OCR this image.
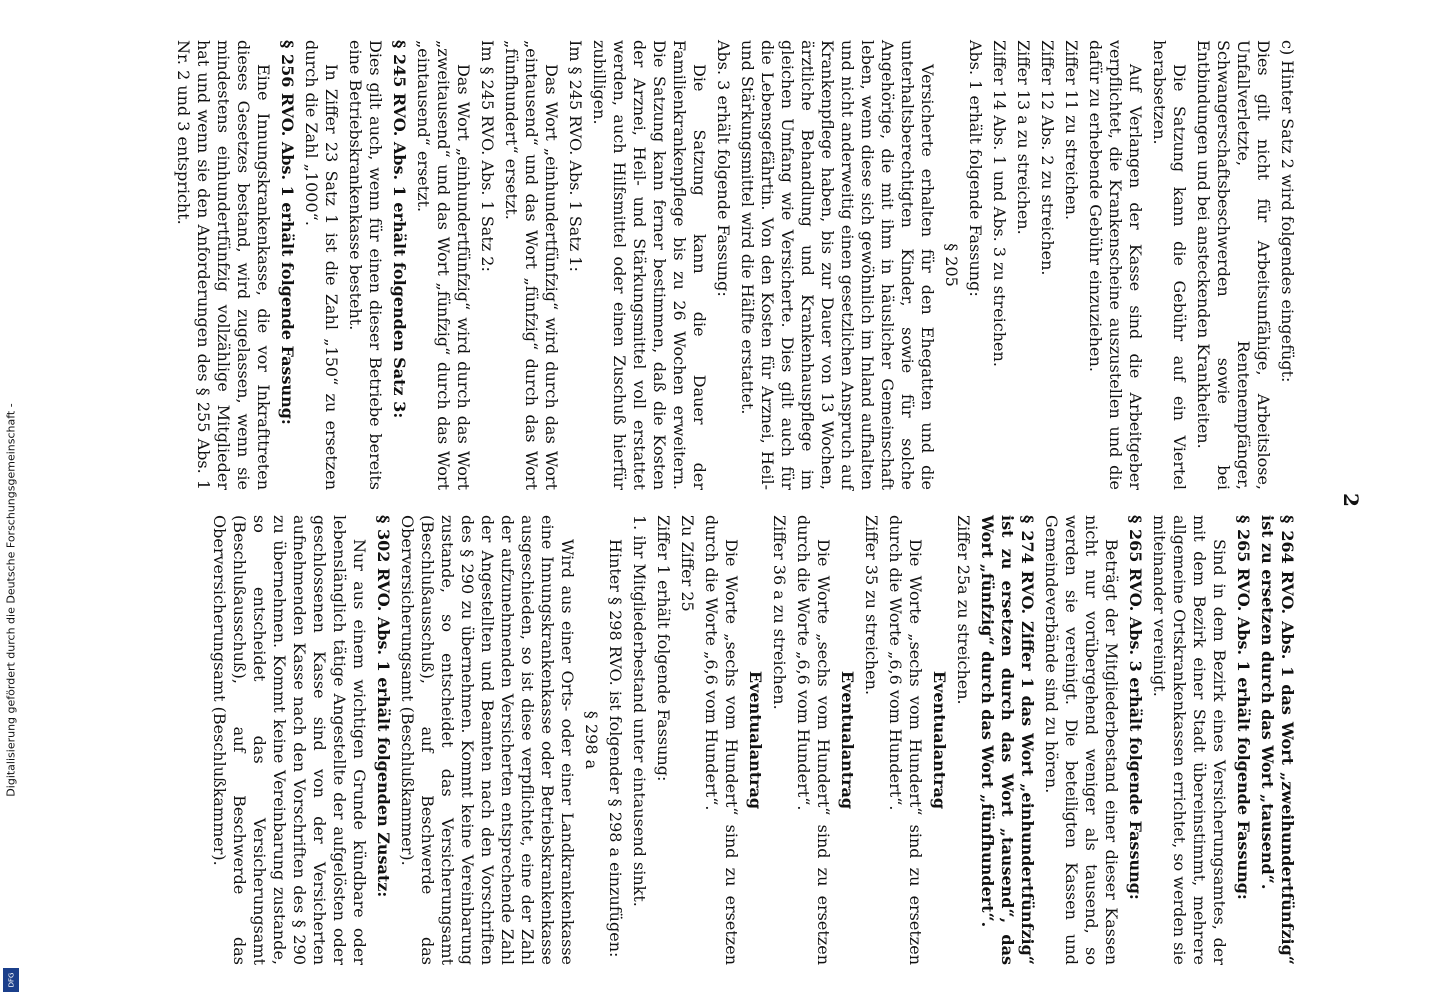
2

c) Hinter Satz 2 wird folgendes eingefügt:

Dies gilt nicht für Arbeitsunfähige, Arbeitslose, Unfallverletzte, Rentenempfänger, Schwangerschaftsbeschwerden sowie bei Entbindungen und bei ansteckenden Krankheiten.

Die Satzung kann die Gebühr auf ein Viertel herabsetzen.

Auf Verlangen der Kasse sind die Arbeitgeber verpflichtet, die Krankenscheine auszustellen und die dafür zu erhebende Gebühr einzuziehen.

Ziffer 11 zu streichen.

Ziffer 12 Abs. 2 zu streichen.

Ziffer 13 a zu streichen.

Ziffer 14 Abs. 1 und Abs. 3 zu streichen.

Abs. 1 erhält folgende Fassung:

§ 205

Versicherte erhalten für den Ehegatten und die unterhaltsberechtigten Kinder, sowie für solche Angehörige, die mit ihm in häuslicher Gemeinschaft leben, wenn diese sich gewöhnlich im Inland aufhalten und nicht anderweitig einen gesetzlichen Anspruch auf Krankenpflege haben, bis zur Dauer von 13 Wochen, ärztliche Behandlung und Krankenhauspflege im gleichen Umfang wie Versicherte. Dies gilt auch für die Lebensgefährtin. Von den Kosten für Arznei, Heil- und Stärkungsmittel wird die Hälfte erstattet.

Abs. 3 erhält folgende Fassung:

Die Satzung kann die Dauer der Familienkrankenpflege bis zu 26 Wochen erweitern. Die Satzung kann ferner bestimmen, daß die Kosten der Arznei, Heil- und Stärkungsmittel voll erstattet werden, auch Hilfsmittel oder einen Zuschuß hierfür zubilligen.

Im § 245 RVO. Abs. 1 Satz 1:

Das Wort „einhundertfünfzig“ wird durch das Wort „eintausend“ und das Wort „fünfzig“ durch das Wort „fünfhundert“ ersetzt.

Im § 245 RVO. Abs. 1 Satz 2:

Das Wort „einhundertfünfzig“ wird durch das Wort „zweitausend“ und das Wort „fünfzig“ durch das Wort „eintausend“ ersetzt.

§ 245 RVO. Abs. 1 erhält folgenden Satz 3:

Dies gilt auch, wenn für einen dieser Betriebe bereits eine Betriebskrankenkasse besteht.

In Ziffer 23 Satz 1 ist die Zahl „150“ zu ersetzen durch die Zahl „1000“.

§ 256 RVO. Abs. 1 erhält folgende Fassung:

Eine Innungskrankenkasse, die vor Inkrafttreten dieses Gesetzes bestand, wird zugelassen, wenn sie mindestens einhundertfünfzig vollzählige Mitglieder hat und wenn sie den Anforderungen des § 255 Abs. 1 Nr. 2 und 3 entspricht.

§ 264 RVO. Abs. 1 das Wort „zweihundertfünfzig“ ist zu ersetzen durch das Wort „tausend“.

§ 265 RVO. Abs. 1 erhält folgende Fassung:

Sind in dem Bezirk eines Versicherungsamtes, der mit dem Bezirk einer Stadt übereinstimmt, mehrere allgemeine Ortskrankenkassen errichtet, so werden sie miteinander vereinigt.

§ 265 RVO. Abs. 3 erhält folgende Fassung:

Beträgt der Mitgliederbestand einer dieser Kassen nicht nur vorübergehend weniger als tausend, so werden sie vereinigt. Die beteiligten Kassen und Gemeindeverbände sind zu hören.

§ 274 RVO. Ziffer 1 das Wort „einhundertfünfzig“ ist zu ersetzen durch das Wort „tausend“, das Wort „fünfzig“ durch das Wort „fünfhundert“.

Ziffer 25a zu streichen.

Eventualantrag

Die Worte „sechs vom Hundert“ sind zu ersetzen durch die Worte „6,6 vom Hundert“.

Ziffer 35 zu streichen.

Eventualantrag

Die Worte „sechs vom Hundert“ sind zu ersetzen durch die Worte „6,6 vom Hundert“.

Ziffer 36 a zu streichen.

Eventualantrag

Die Worte „sechs vom Hundert“ sind zu ersetzen durch die Worte „6,6 vom Hundert“.

Zu Ziffer 25

Ziffer 1 erhält folgende Fassung:

1. ihr Mitgliederbestand unter eintausend sinkt.

Hinter § 298 RVO. ist folgender § 298 a einzufügen:

§ 298 a

Wird aus einer Orts- oder einer Landkrankenkasse eine Innungskrankenkasse oder Betriebskrankenkasse ausgeschieden, so ist diese verpflichtet, eine der Zahl der aufzunehmenden Versicherten entsprechende Zahl der Angestellten und Beamten nach den Vorschriften des § 290 zu übernehmen. Kommt keine Vereinbarung zustande, so entscheidet das Versicherungsamt (Beschlußausschuß), auf Beschwerde das Oberversicherungsamt (Beschlußkammer).

§ 302 RVO. Abs. 1 erhält folgenden Zusatz:

Nur aus einem wichtigen Grunde kündbare oder lebenslänglich tätige Angestellte der aufgelösten oder geschlossenen Kasse sind von der Versicherten aufnehmenden Kasse nach den Vorschriften des § 290 zu übernehmen. Kommt keine Vereinbarung zustande, so entscheidet das Versicherungsamt (Beschlußausschuß), auf Beschwerde das Oberversicherungsamt (Beschlußkammer).

Digitalisierung gefördert durch die Deutsche Forschungsgemeinschaft -
DFG
